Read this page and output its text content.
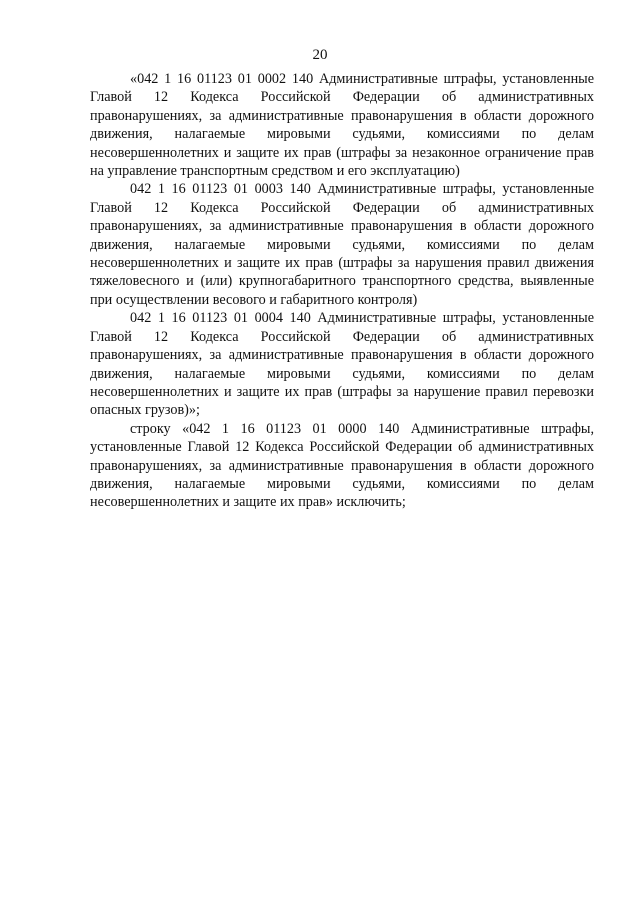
20

«042 1 16 01123 01 0002 140 Административные штрафы, установленные Главой 12 Кодекса Российской Федерации об административных правонарушениях, за административные правонарушения в области дорожного движения, налагаемые мировыми судьями, комиссиями по делам несовершеннолетних и защите их прав (штрафы за незаконное ограничение прав на управление транспортным средством и его эксплуатацию)

042 1 16 01123 01 0003 140 Административные штрафы, установленные Главой 12 Кодекса Российской Федерации об административных правонарушениях, за административные правонарушения в области дорожного движения, налагаемые мировыми судьями, комиссиями по делам несовершеннолетних и защите их прав (штрафы за нарушения правил движения тяжеловесного и (или) крупногабаритного транспортного средства, выявленные при осуществлении весового и габаритного контроля)

042 1 16 01123 01 0004 140 Административные штрафы, установленные Главой 12 Кодекса Российской Федерации об административных правонарушениях, за административные правонарушения в области дорожного движения, налагаемые мировыми судьями, комиссиями по делам несовершеннолетних и защите их прав (штрафы за нарушение правил перевозки опасных грузов)»;

строку «042 1 16 01123 01 0000 140 Административные штрафы, установленные Главой 12 Кодекса Российской Федерации об административных правонарушениях, за административные правонарушения в области дорожного движения, налагаемые мировыми судьями, комиссиями по делам несовершеннолетних и защите их прав» исключить;
